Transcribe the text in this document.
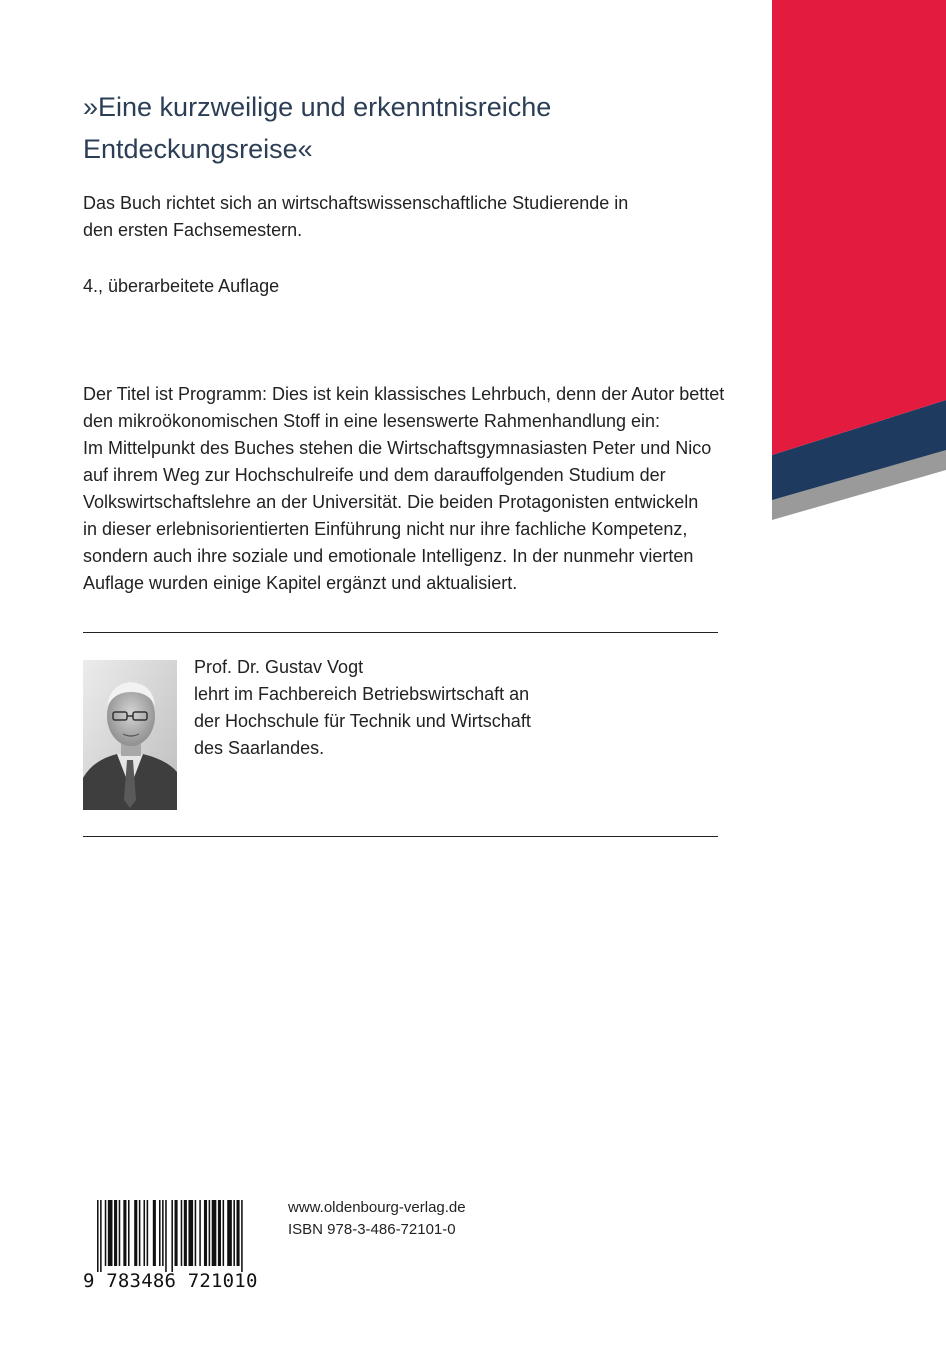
»Eine kurzweilige und erkenntnisreiche
Entdeckungsreise«
Das Buch richtet sich an wirtschaftswissenschaftliche Studierende in
den ersten Fachsemestern.
4., überarbeitete Auflage
Der Titel ist Programm: Dies ist kein klassisches Lehrbuch, denn der Autor bettet
den mikroökonomischen Stoff in eine lesenswerte Rahmenhandlung ein:
Im Mittelpunkt des Buches stehen die Wirtschaftsgymnasiasten Peter und Nico
auf ihrem Weg zur Hochschulreife und dem darauffolgenden Studium der
Volkswirtschaftslehre an der Universität. Die beiden Protagonisten entwickeln
in dieser erlebnisorientierten Einführung nicht nur ihre fachliche Kompetenz,
sondern auch ihre soziale und emotionale Intelligenz. In der nunmehr vierten
Auflage wurden einige Kapitel ergänzt und aktualisiert.
Prof. Dr. Gustav Vogt
lehrt im Fachbereich Betriebswirtschaft an
der Hochschule für Technik und Wirtschaft
des Saarlandes.
9 783486 721010
www.oldenbourg-verlag.de
ISBN 978-3-486-72101-0
